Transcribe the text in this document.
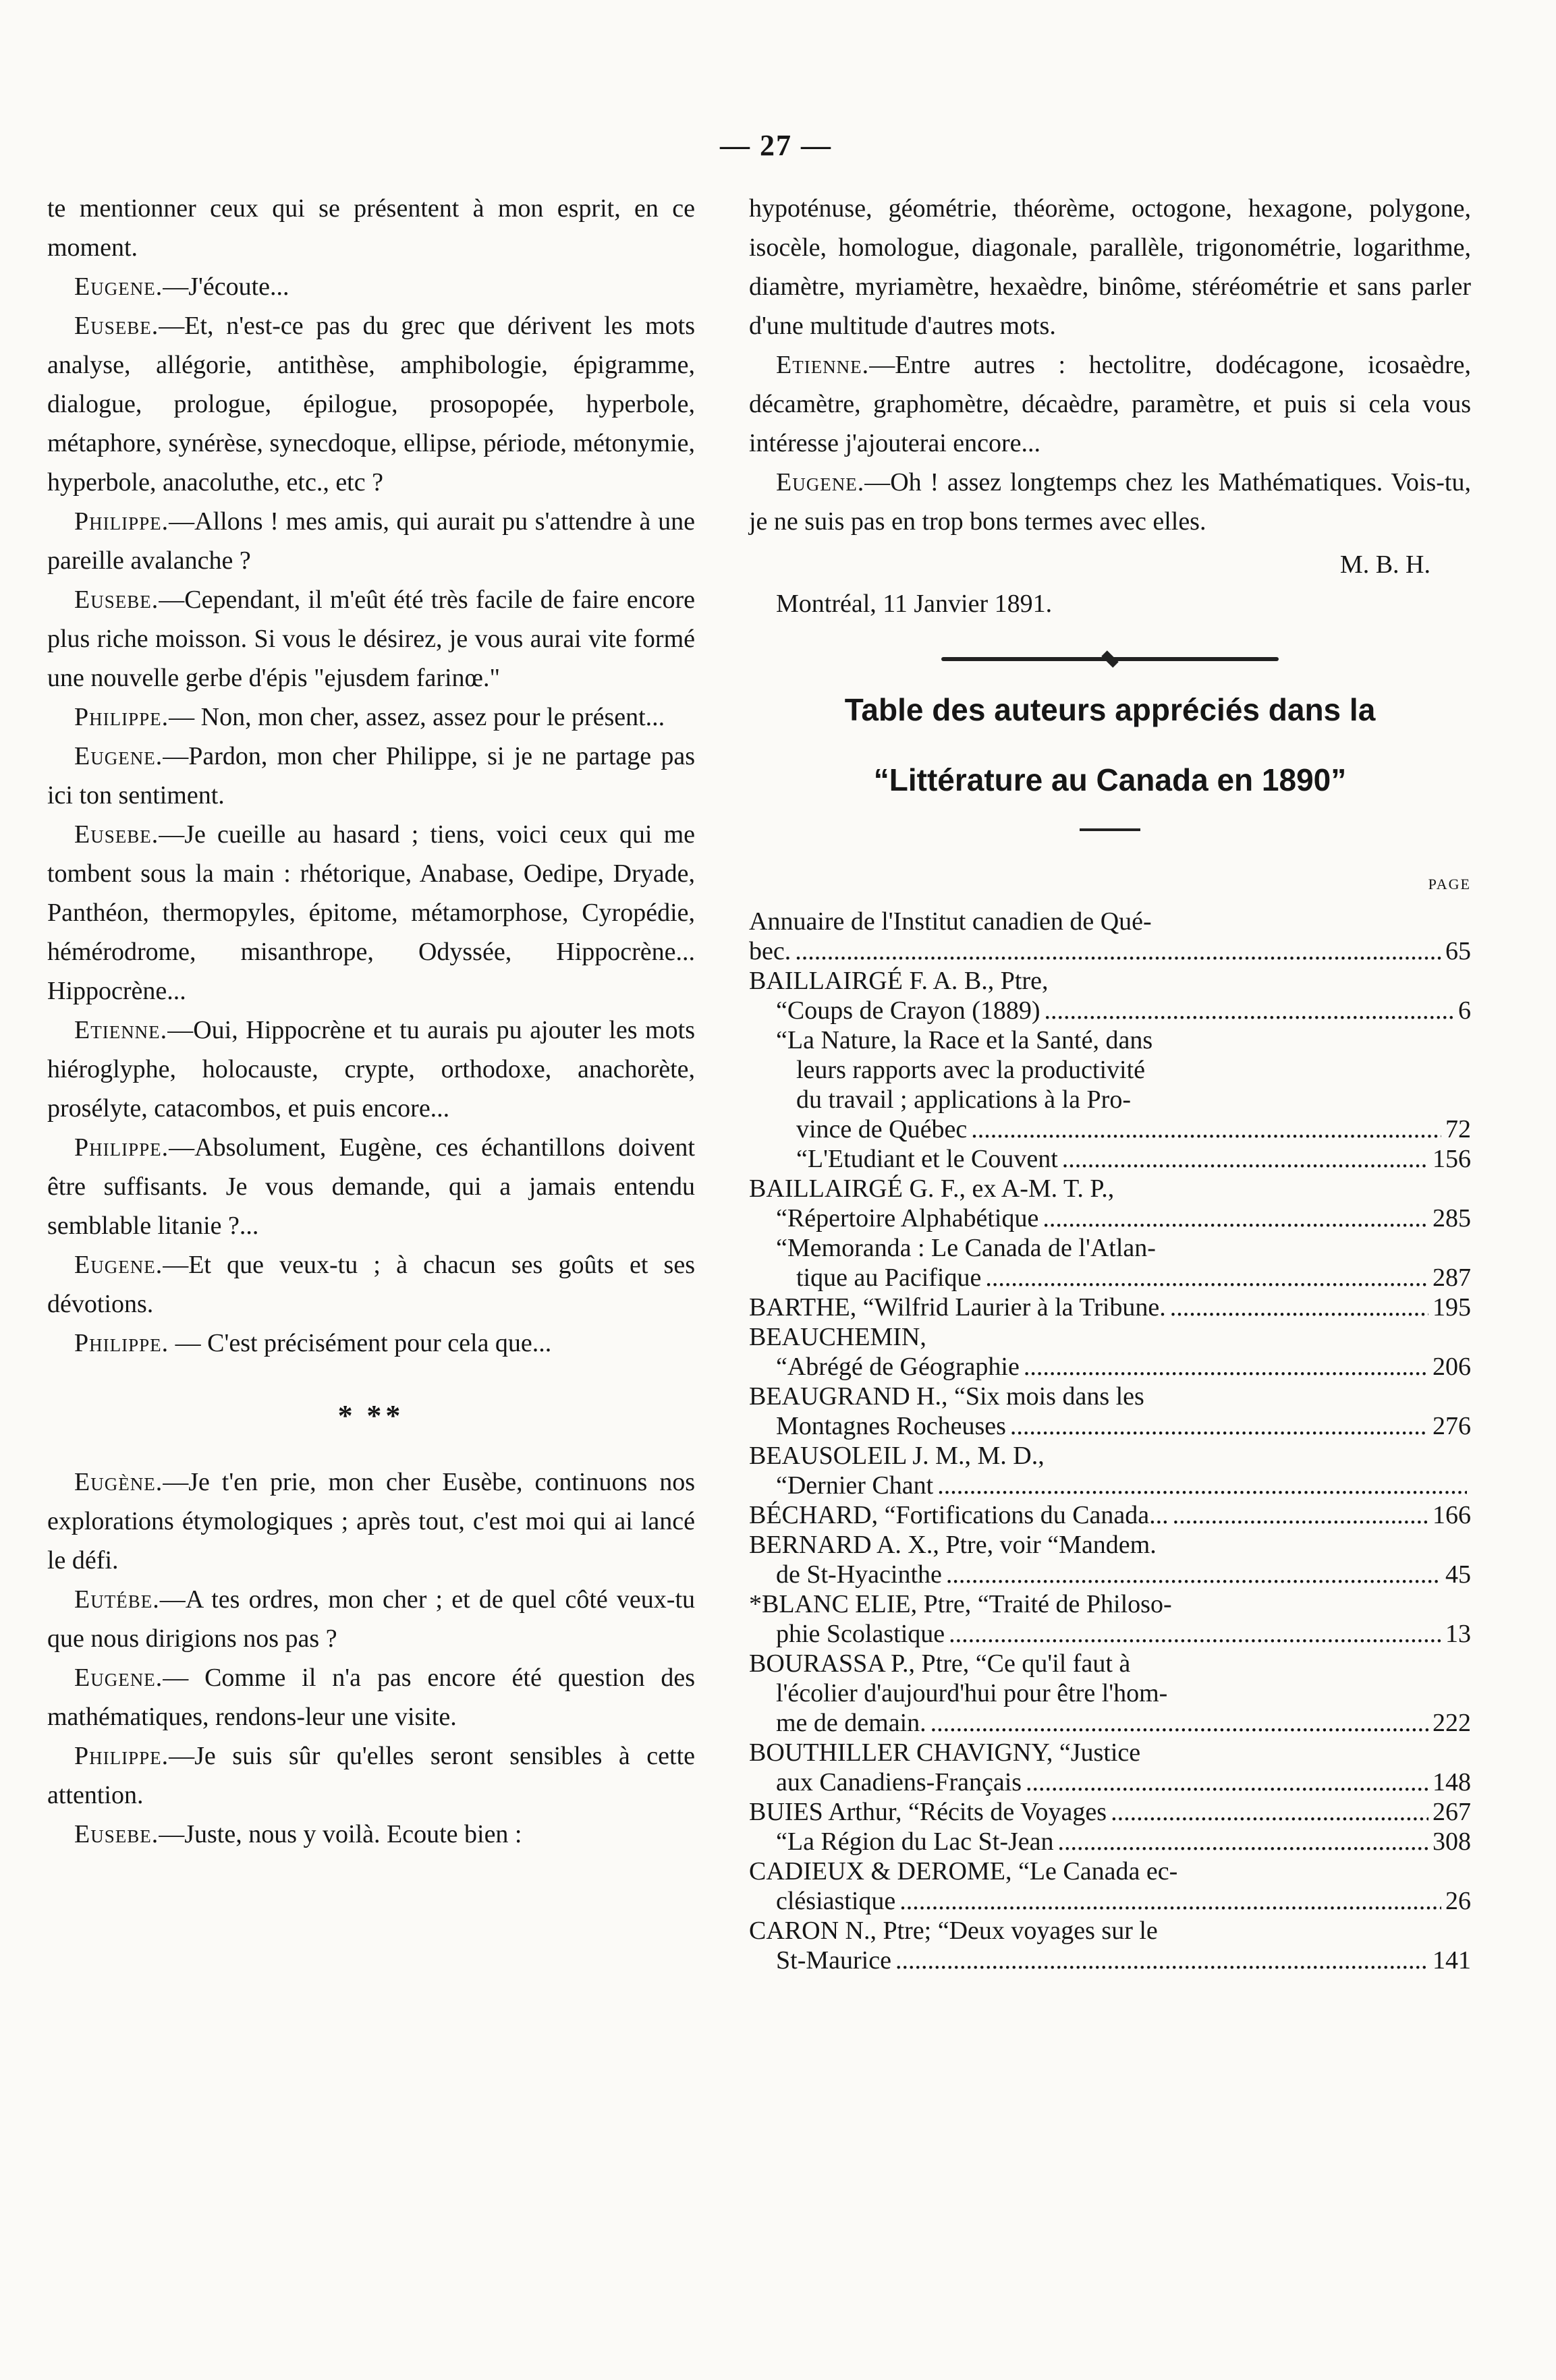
— 27 —

te mentionner ceux qui se présentent à mon esprit, en ce moment.

Eugene.—J'écoute...

Eusebe.—Et, n'est-ce pas du grec que dérivent les mots analyse, allégorie, antithèse, amphibologie, épigramme, dialogue, prologue, épilogue, prosopopée, hyperbole, métaphore, synérèse, synecdoque, ellipse, période, métonymie, hyperbole, anacoluthe, etc., etc ?

Philippe.—Allons ! mes amis, qui aurait pu s'attendre à une pareille avalanche ?

Eusebe.—Cependant, il m'eût été très facile de faire encore plus riche moisson. Si vous le désirez, je vous aurai vite formé une nouvelle gerbe d'épis "ejusdem farinœ."

Philippe.— Non, mon cher, assez, assez pour le présent...

Eugene.—Pardon, mon cher Philippe, si je ne partage pas ici ton sentiment.

Eusebe.—Je cueille au hasard ; tiens, voici ceux qui me tombent sous la main : rhétorique, Anabase, Oedipe, Dryade, Panthéon, thermopyles, épitome, métamorphose, Cyropédie, hémérodrome, misanthrope, Odyssée, Hippocrène... Hippocrène...

Etienne.—Oui, Hippocrène et tu aurais pu ajouter les mots hiéroglyphe, holocauste, crypte, orthodoxe, anachorète, prosélyte, catacombos, et puis encore...

Philippe.—Absolument, Eugène, ces échantillons doivent être suffisants. Je vous demande, qui a jamais entendu semblable litanie ?...

Eugene.—Et que veux-tu ; à chacun ses goûts et ses dévotions.

Philippe. — C'est précisément pour cela que...

* **

Eugène.—Je t'en prie, mon cher Eusèbe, continuons nos explorations étymologiques ; après tout, c'est moi qui ai lancé le défi.

Eutébe.—A tes ordres, mon cher ; et de quel côté veux-tu que nous dirigions nos pas ?

Eugene.— Comme il n'a pas encore été question des mathématiques, rendons-leur une visite.

Philippe.—Je suis sûr qu'elles seront sensibles à cette attention.

Eusebe.—Juste, nous y voilà. Ecoute bien :

hypoténuse, géométrie, théorème, octogone, hexagone, polygone, isocèle, homologue, diagonale, parallèle, trigonométrie, logarithme, diamètre, myriamètre, hexaèdre, binôme, stéréométrie et sans parler d'une multitude d'autres mots.

Etienne.—Entre autres : hectolitre, dodécagone, icosaèdre, décamètre, graphomètre, décaèdre, paramètre, et puis si cela vous intéresse j'ajouterai encore...

Eugene.—Oh ! assez longtemps chez les Mathématiques. Vois-tu, je ne suis pas en trop bons termes avec elles.

M. B. H.

Montréal, 11 Janvier 1891.

Table des auteurs appréciés dans la
“Littérature au Canada en 1890”
PAGE
Annuaire de l'Institut canadien de Qué-
bec. .....	65
BAILLAIRGÉ F. A. B., Ptre,
“Coups de Crayon (1889) .....	6
“La Nature, la Race et la Santé, dans
leurs rapports avec la productivité
du travail ; applications à la Pro-
vince de Québec .....	72
“L'Etudiant et le Couvent .....	156
BAILLAIRGÉ G. F., ex A-M. T. P.,
“Répertoire Alphabétique .....	285
“Memoranda : Le Canada de l'Atlan-
tique au Pacifique .....	287
BARTHE, “Wilfrid Laurier à la Tribune. .....	195
BEAUCHEMIN,
“Abrégé de Géographie .....	206
BEAUGRAND H., “Six mois dans les
Montagnes Rocheuses .....	276
BEAUSOLEIL J. M., M. D.,
“Dernier Chant
.....
BÉCHARD, “Fortifications du Canada... .....	166
BERNARD A. X., Ptre, voir “Mandem.
de St-Hyacinthe .....	45
*BLANC ELIE, Ptre, “Traité de Philoso-
phie Scolastique .....	13
BOURASSA P., Ptre, “Ce qu'il faut à
l'écolier d'aujourd'hui pour être l'hom-
me de demain. .....	222
BOUTHILLER CHAVIGNY, “Justice
aux Canadiens-Français .....	148
BUIES Arthur, “Récits de Voyages .....	267
“La Région du Lac St-Jean .....	308
CADIEUX & DEROME, “Le Canada ec-
clésiastique .....	26
CARON N., Ptre; “Deux voyages sur le
St-Maurice .....	141
